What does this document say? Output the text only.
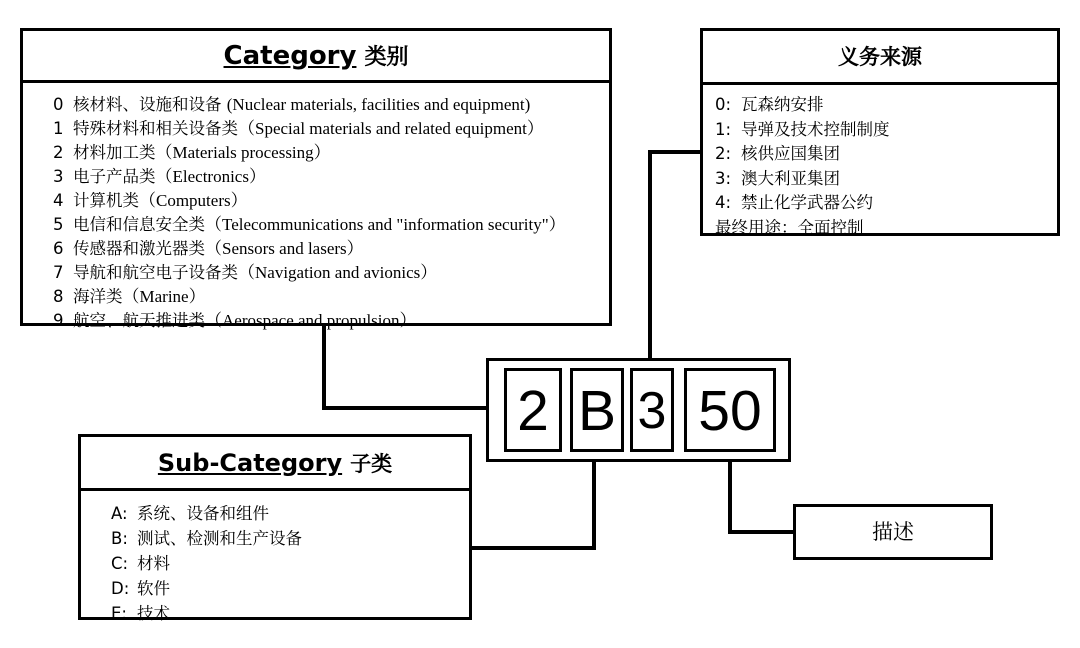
Category 类别
0 核材料、设施和设备 (Nuclear materials, facilities and equipment)
1 特殊材料和相关设备类（Special materials and related equipment）
2 材料加工类（Materials processing）
3 电子产品类（Electronics）
4 计算机类（Computers）
5 电信和信息安全类（Telecommunications and "information security"）
6 传感器和激光器类（Sensors and lasers）
7 导航和航空电子设备类（Navigation and avionics）
8 海洋类（Marine）
9 航空、航天推进类（Aerospace and propulsion）
Sub-Category 子类
A: 系统、设备和组件
B: 测试、检测和生产设备
C: 材料
D: 软件
E: 技术
义务来源
0: 瓦森纳安排
1: 导弹及技术控制制度
2: 核供应国集团
3: 澳大利亚集团
4: 禁止化学武器公约
最终用途：全面控制
描述
2 B 3 50
